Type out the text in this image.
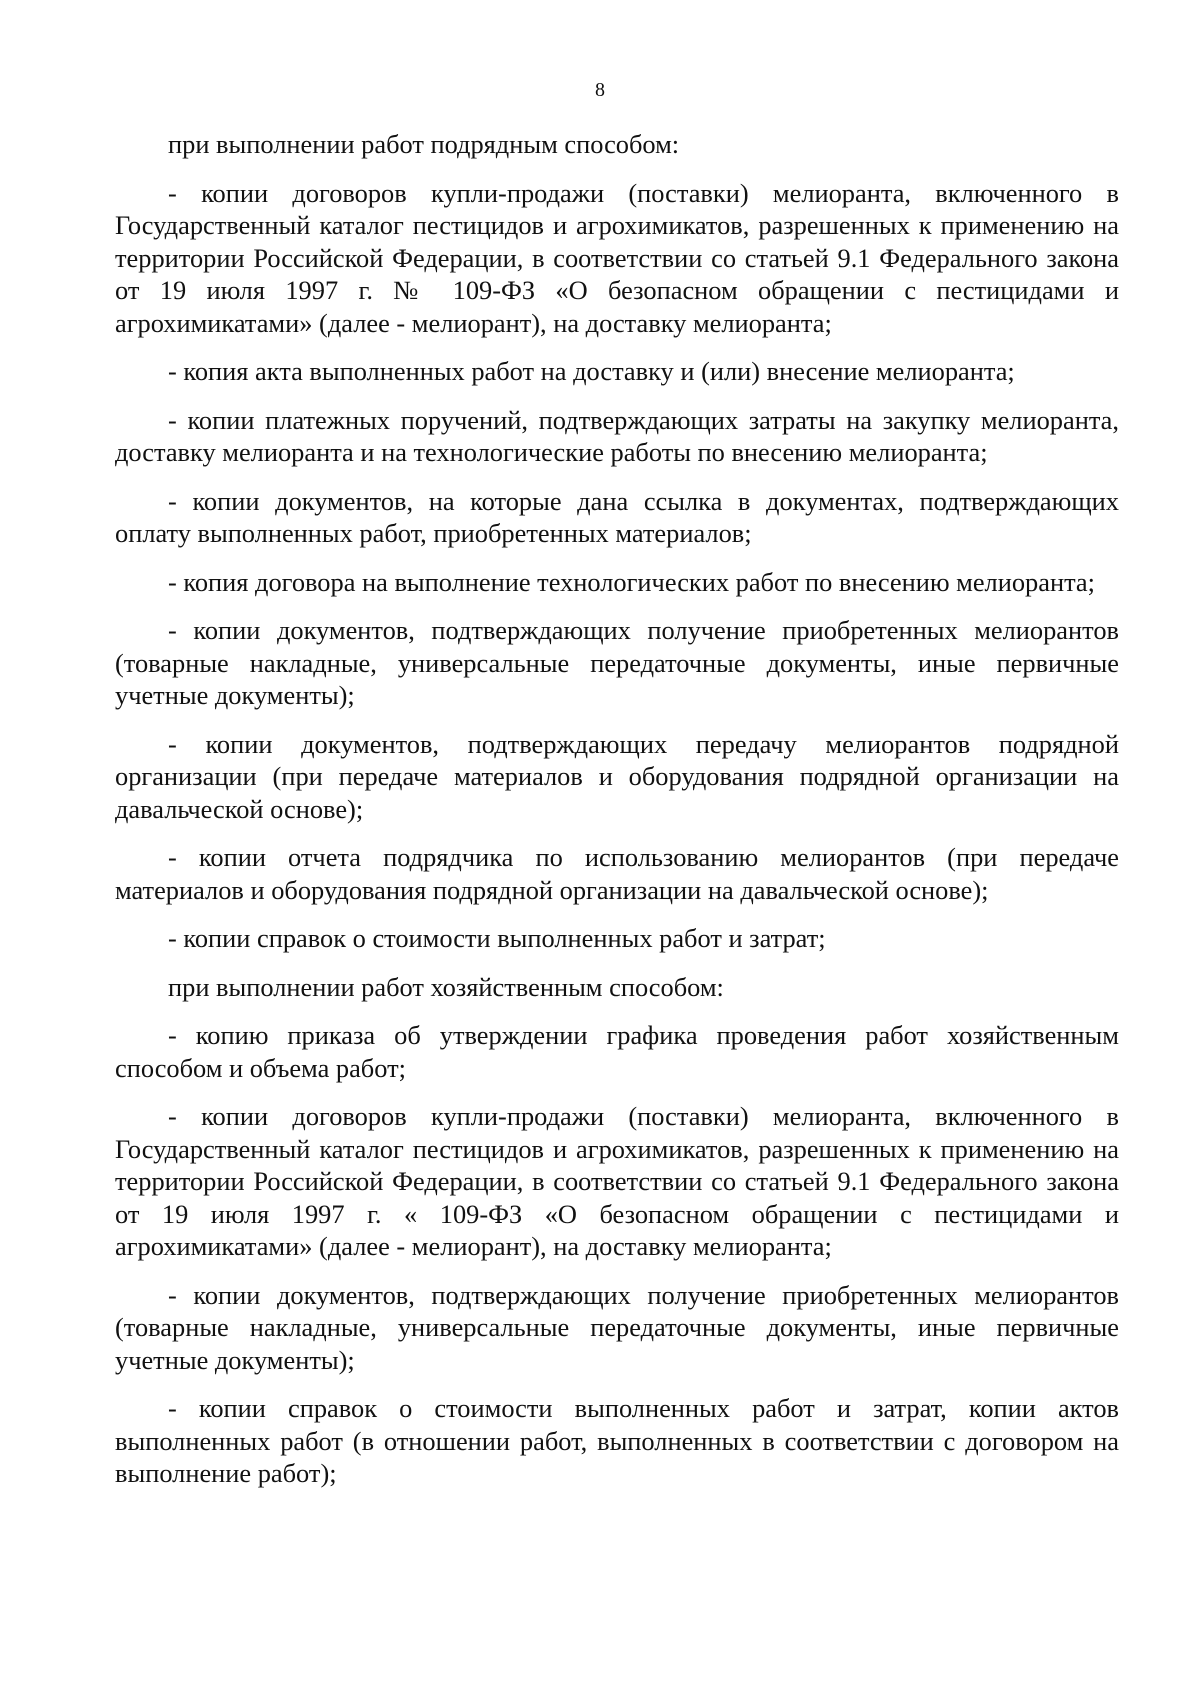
8

при выполнении работ подрядным способом:

- копии договоров купли-продажи (поставки) мелиоранта, включенного в Государственный каталог пестицидов и агрохимикатов, разрешенных к применению на территории Российской Федерации, в соответствии со статьей 9.1 Федерального закона от 19 июля 1997 г. № 109-ФЗ «О безопасном обращении с пестицидами и агрохимикатами» (далее - мелиорант), на доставку мелиоранта;

- копия акта выполненных работ на доставку и (или) внесение мелиоранта;

- копии платежных поручений, подтверждающих затраты на закупку мелиоранта, доставку мелиоранта и на технологические работы по внесению мелиоранта;

- копии документов, на которые дана ссылка в документах, подтверждающих оплату выполненных работ, приобретенных материалов;

- копия договора на выполнение технологических работ по внесению мелиоранта;

- копии документов, подтверждающих получение приобретенных мелиорантов (товарные накладные, универсальные передаточные документы, иные первичные учетные документы);

- копии документов, подтверждающих передачу мелиорантов подрядной организации (при передаче материалов и оборудования подрядной организации на давальческой основе);

- копии отчета подрядчика по использованию мелиорантов (при передаче материалов и оборудования подрядной организации на давальческой основе);

- копии справок о стоимости выполненных работ и затрат;

при выполнении работ хозяйственным способом:

- копию приказа об утверждении графика проведения работ хозяйственным способом и объема работ;

- копии договоров купли-продажи (поставки) мелиоранта, включенного в Государственный каталог пестицидов и агрохимикатов, разрешенных к применению на территории Российской Федерации, в соответствии со статьей 9.1 Федерального закона от 19 июля 1997 г. « 109-ФЗ «О безопасном обращении с пестицидами и агрохимикатами» (далее - мелиорант), на доставку мелиоранта;

- копии документов, подтверждающих получение приобретенных мелиорантов (товарные накладные, универсальные передаточные документы, иные первичные учетные документы);

- копии справок о стоимости выполненных работ и затрат, копии актов выполненных работ (в отношении работ, выполненных в соответствии с договором на выполнение работ);
